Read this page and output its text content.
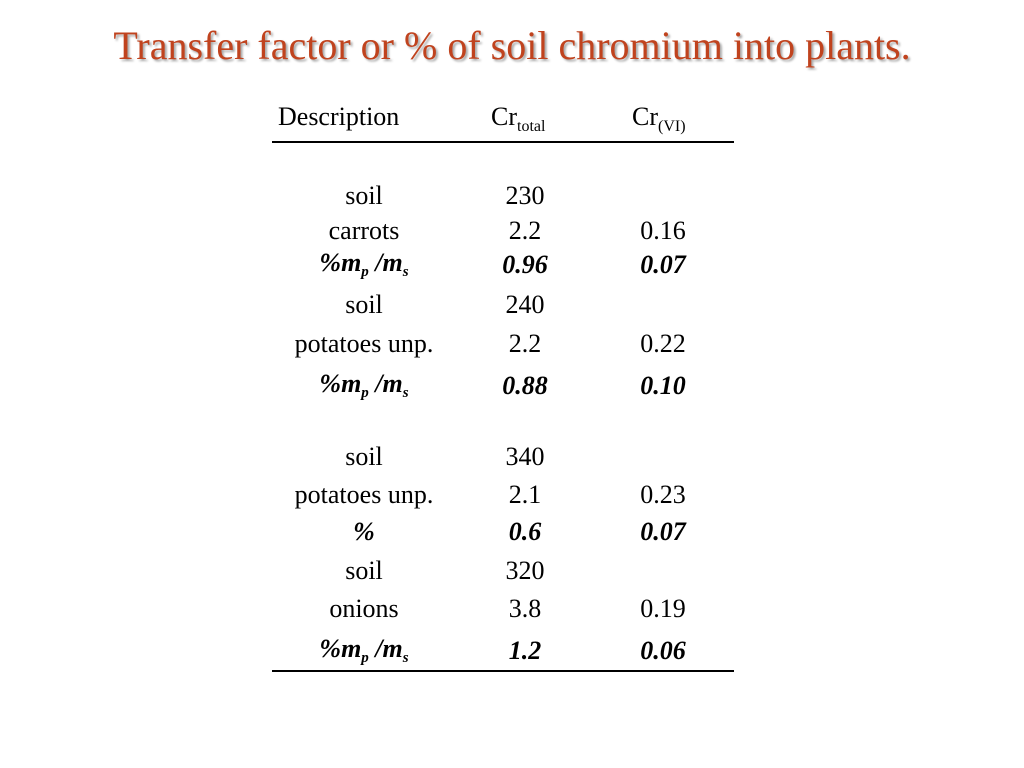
Transfer factor or % of soil chromium into plants.
Description	$Cr_{total}$	$Cr_{(VI)}$
soil	230
carrots	2.2	0.16
$\%m_p$ $/m_s$	0.96	0.07
soil	240
potatoes unp.	2.2	0.22
$\%m_p$ $/m_s$	0.88	0.10
soil	340
potatoes unp.	2.1	0.23
%	0.6	0.07
soil	320
onions	3.8	0.19
$\%m_p$ $/m_s$	1.2	0.06
